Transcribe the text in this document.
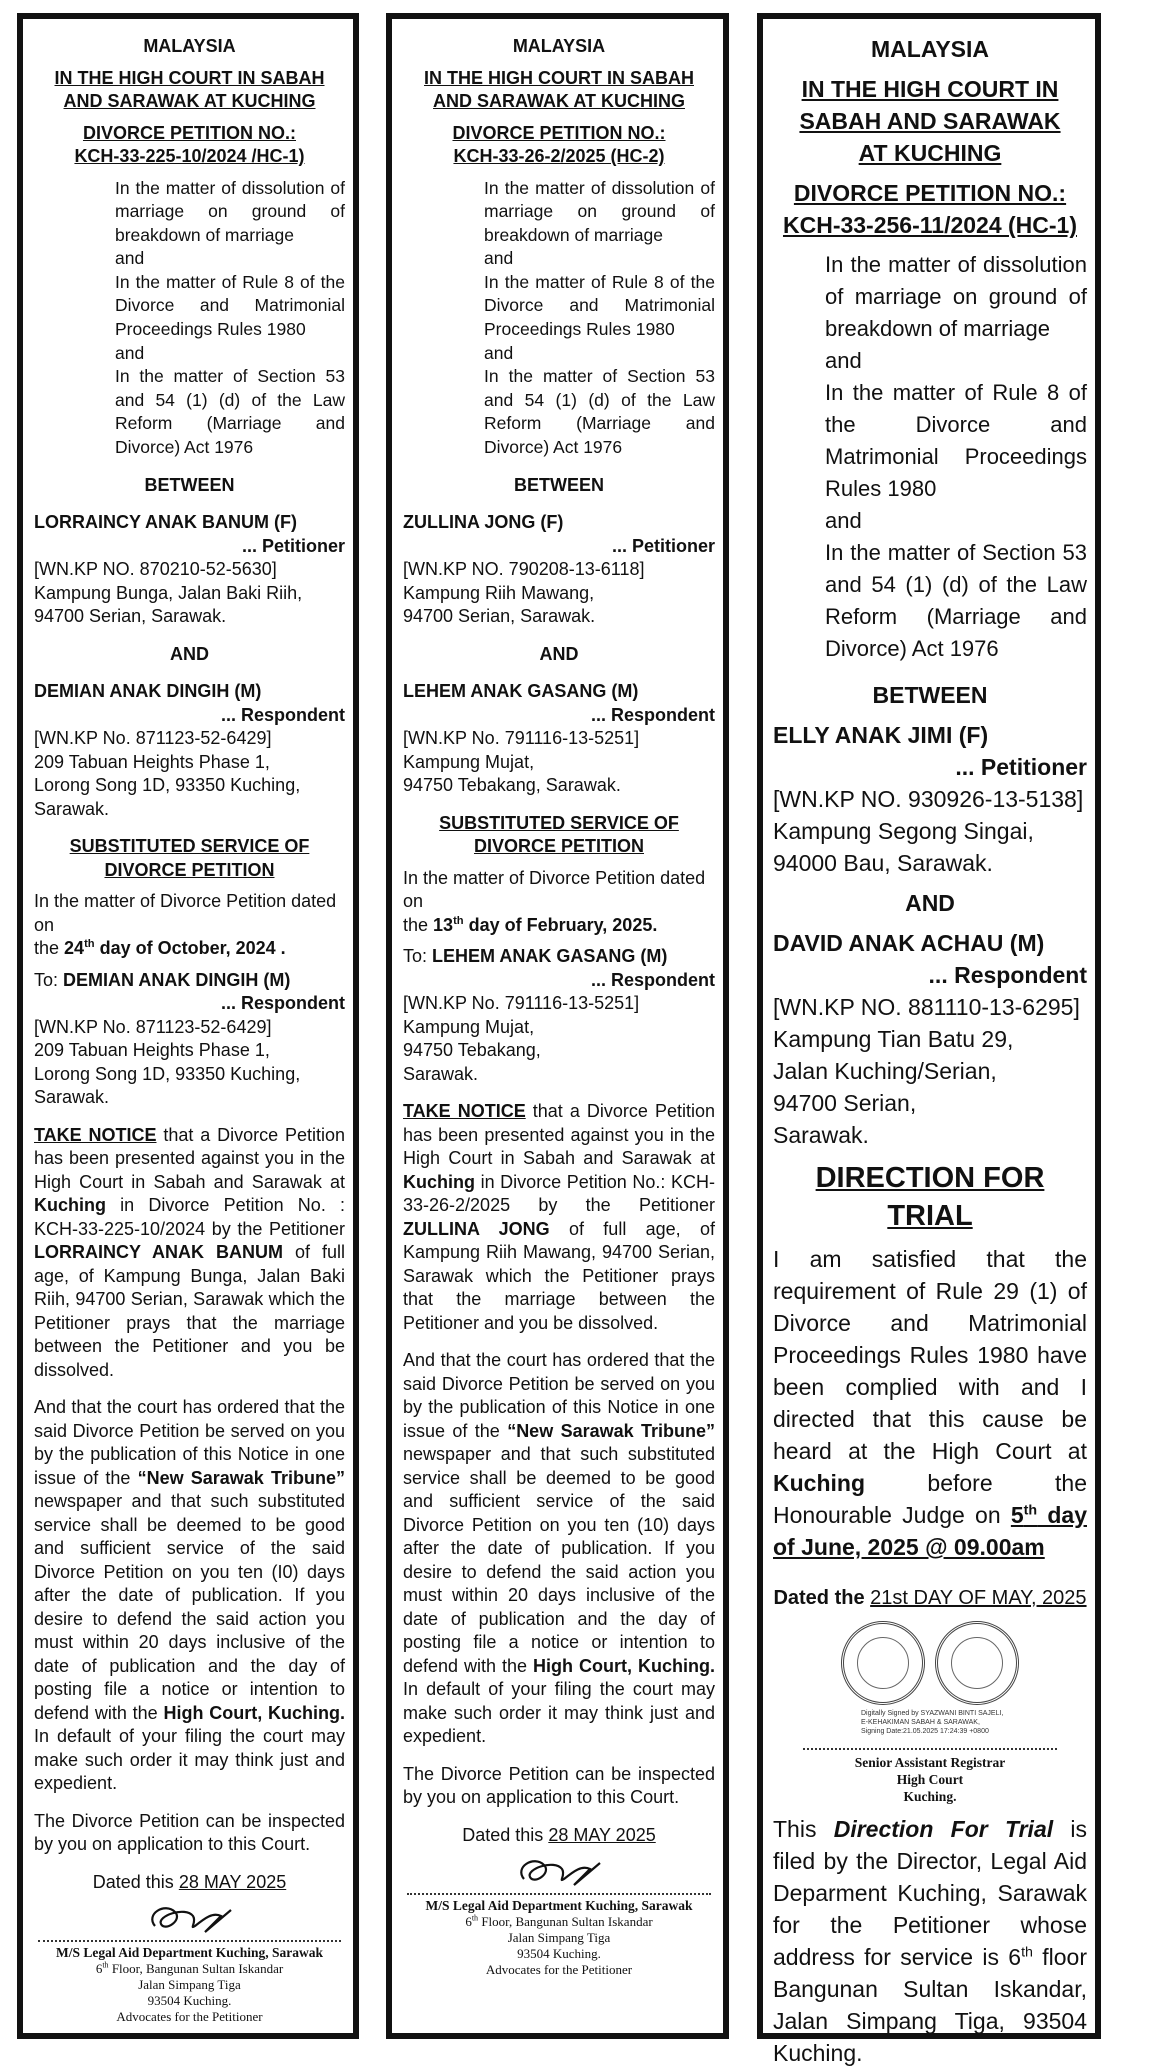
MALAYSIA
IN THE HIGH COURT IN SABAH
AND SARAWAK AT KUCHING
DIVORCE PETITION NO.:
KCH-33-225-10/2024 /HC-1)
In the matter of dissolution of marriage on ground of breakdown of marriage
and
In the matter of Rule 8 of the Divorce and Matrimonial Proceedings Rules 1980
and
In the matter of Section 53 and 54 (1) (d) of the Law Reform (Marriage and Divorce) Act 1976
BETWEEN
LORRAINCY ANAK BANUM (F)
... Petitioner
[WN.KP NO. 870210-52-5630]
Kampung Bunga, Jalan Baki Riih,
94700 Serian, Sarawak.
AND
DEMIAN ANAK DINGIH (M)
... Respondent
[WN.KP No. 871123-52-6429]
209 Tabuan Heights Phase 1,
Lorong Song 1D, 93350 Kuching, Sarawak.
SUBSTITUTED SERVICE OF
DIVORCE PETITION
In the matter of Divorce Petition dated on
the 24th day of October, 2024 .
To: DEMIAN ANAK DINGIH (M)
... Respondent
[WN.KP No. 871123-52-6429]
209 Tabuan Heights Phase 1,
Lorong Song 1D, 93350 Kuching, Sarawak.
TAKE NOTICE that a Divorce Petition has been presented against you in the High Court in Sabah and Sarawak at Kuching in Divorce Petition No. : KCH-33-225-10/2024 by the Petitioner LORRAINCY ANAK BANUM of full age, of Kampung Bunga, Jalan Baki Riih, 94700 Serian, Sarawak which the Petitioner prays that the marriage between the Petitioner and you be dissolved.
And that the court has ordered that the said Divorce Petition be served on you by the publication of this Notice in one issue of the “New Sarawak Tribune” newspaper and that such substituted service shall be deemed to be good and sufficient service of the said Divorce Petition on you ten (I0) days after the date of publication. If you desire to defend the said action you must within 20 days inclusive of the date of publication and the day of posting file a notice or intention to defend with the High Court, Kuching. In default of your filing the court may make such order it may think just and expedient.
The Divorce Petition can be inspected by you on application to this Court.
Dated this 28 MAY 2025
M/S Legal Aid Department Kuching, Sarawak
6th Floor, Bangunan Sultan Iskandar
Jalan Simpang Tiga
93504 Kuching.
Advocates for the Petitioner
MALAYSIA
IN THE HIGH COURT IN SABAH
AND SARAWAK AT KUCHING
DIVORCE PETITION NO.:
KCH-33-26-2/2025 (HC-2)
In the matter of dissolution of marriage on ground of breakdown of marriage
and
In the matter of Rule 8 of the Divorce and Matrimonial Proceedings Rules 1980
and
In the matter of Section 53 and 54 (1) (d) of the Law Reform (Marriage and Divorce) Act 1976
BETWEEN
ZULLINA JONG (F)
... Petitioner
[WN.KP NO. 790208-13-6118]
Kampung Riih Mawang,
94700 Serian, Sarawak.
AND
LEHEM ANAK GASANG (M)
... Respondent
[WN.KP No. 791116-13-5251]
Kampung Mujat,
94750 Tebakang, Sarawak.
SUBSTITUTED SERVICE OF
DIVORCE PETITION
In the matter of Divorce Petition dated on
the 13th day of February, 2025.
To: LEHEM ANAK GASANG (M)
... Respondent
[WN.KP No. 791116-13-5251]
Kampung Mujat,
94750 Tebakang,
Sarawak.
TAKE NOTICE that a Divorce Petition has been presented against you in the High Court in Sabah and Sarawak at Kuching in Divorce Petition No.: KCH-33-26-2/2025 by the Petitioner ZULLINA JONG of full age, of Kampung Riih Mawang, 94700 Serian, Sarawak which the Petitioner prays that the marriage between the Petitioner and you be dissolved.
And that the court has ordered that the said Divorce Petition be served on you by the publication of this Notice in one issue of the “New Sarawak Tribune” newspaper and that such substituted service shall be deemed to be good and sufficient service of the said Divorce Petition on you ten (10) days after the date of publication. If you desire to defend the said action you must within 20 days inclusive of the date of publication and the day of posting file a notice or intention to defend with the High Court, Kuching. In default of your filing the court may make such order it may think just and expedient.
The Divorce Petition can be inspected by you on application to this Court.
Dated this 28 MAY 2025
M/S Legal Aid Department Kuching, Sarawak
6th Floor, Bangunan Sultan Iskandar
Jalan Simpang Tiga
93504 Kuching.
Advocates for the Petitioner
MALAYSIA
IN THE HIGH COURT IN
SABAH AND SARAWAK
AT KUCHING
DIVORCE PETITION NO.:
KCH-33-256-11/2024 (HC-1)
In the matter of dissolution of marriage on ground of breakdown of marriage
and
In the matter of Rule 8 of the Divorce and Matrimonial Proceedings Rules 1980
and
In the matter of Section 53 and 54 (1) (d) of the Law Reform (Marriage and Divorce) Act 1976
BETWEEN
ELLY ANAK JIMI (F)
... Petitioner
[WN.KP NO. 930926-13-5138]
Kampung Segong Singai,
94000 Bau, Sarawak.
AND
DAVID ANAK ACHAU (M)
... Respondent
[WN.KP NO. 881110-13-6295]
Kampung Tian Batu 29,
Jalan Kuching/Serian,
94700 Serian,
Sarawak.
DIRECTION FOR TRIAL
I am satisfied that the requirement of Rule 29 (1) of Divorce and Matrimonial Proceedings Rules 1980 have been complied with and I directed that this cause be heard at the High Court at Kuching before the Honourable Judge on 5th day of June, 2025 @ 09.00am
Dated the 21st DAY OF MAY, 2025
Digitally Signed by SYAZWANI BINTI SAJELI,
E-KEHAKIMAN SABAH & SARAWAK,
Signing Date:21.05.2025 17:24:39 +0800
Senior Assistant Registrar
High Court
Kuching.
This Direction For Trial is filed by the Director, Legal Aid Deparment Kuching, Sarawak for the Petitioner whose address for service is 6th floor Bangunan Sultan Iskandar, Jalan Simpang Tiga, 93504 Kuching.
